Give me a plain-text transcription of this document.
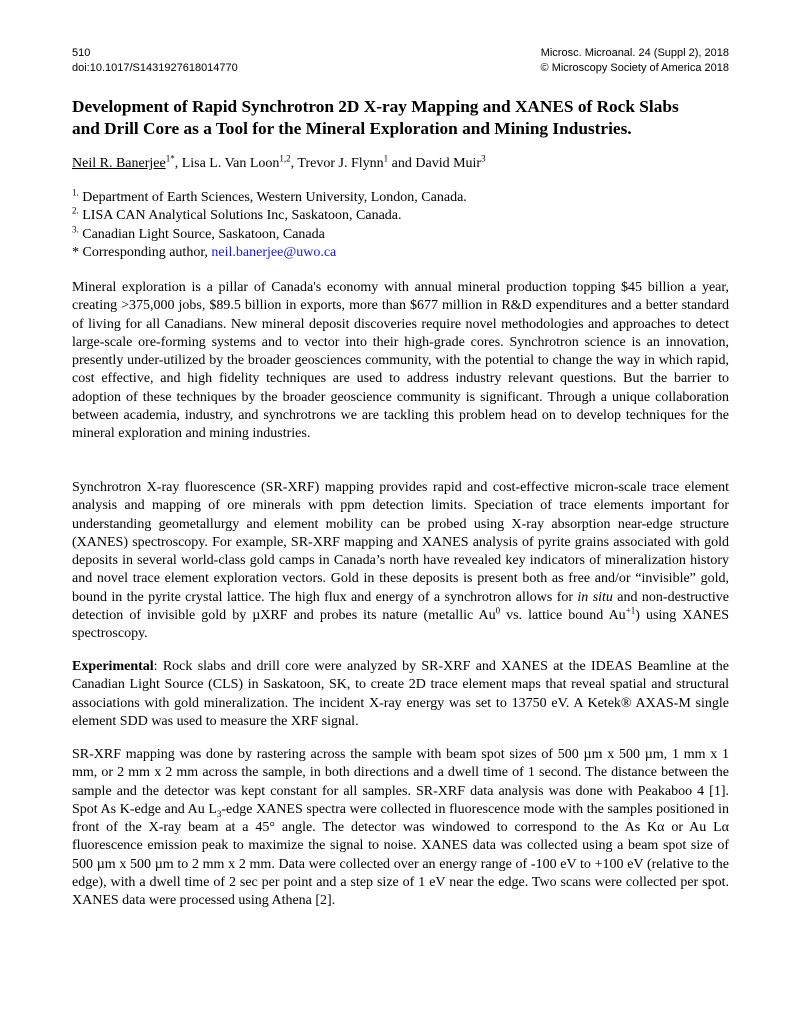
510
doi:10.1017/S1431927618014770
Microsc. Microanal. 24 (Suppl 2), 2018
© Microscopy Society of America 2018
Development of Rapid Synchrotron 2D X-ray Mapping and XANES of Rock Slabs
and Drill Core as a Tool for the Mineral Exploration and Mining Industries.
Neil R. Banerjee$^{1*}$, Lisa L. Van Loon$^{1,2}$, Trevor J. Flynn$^1$ and David Muir$^3$
$^{1.}$ Department of Earth Sciences, Western University, London, Canada.
$^{2.}$ LISA CAN Analytical Solutions Inc, Saskatoon, Canada.
$^{3.}$ Canadian Light Source, Saskatoon, Canada
* Corresponding author, neil.banerjee@uwo.ca

Mineral exploration is a pillar of Canada's economy with annual mineral production topping $45 billion a year, creating >375,000 jobs, $89.5 billion in exports, more than $677 million in R&D expenditures and a better standard of living for all Canadians. New mineral deposit discoveries require novel methodologies and approaches to detect large-scale ore-forming systems and to vector into their high-grade cores. Synchrotron science is an innovation, presently under-utilized by the broader geosciences community, with the potential to change the way in which rapid, cost effective, and high fidelity techniques are used to address industry relevant questions. But the barrier to adoption of these techniques by the broader geoscience community is significant. Through a unique collaboration between academia, industry, and synchrotrons we are tackling this problem head on to develop techniques for the mineral exploration and mining industries.

Synchrotron X-ray fluorescence (SR-XRF) mapping provides rapid and cost-effective micron-scale trace element analysis and mapping of ore minerals with ppm detection limits. Speciation of trace elements important for understanding geometallurgy and element mobility can be probed using X-ray absorption near-edge structure (XANES) spectroscopy. For example, SR-XRF mapping and XANES analysis of pyrite grains associated with gold deposits in several world-class gold camps in Canada’s north have revealed key indicators of mineralization history and novel trace element exploration vectors. Gold in these deposits is present both as free and/or “invisible” gold, bound in the pyrite crystal lattice. The high flux and energy of a synchrotron allows for in situ and non-destructive detection of invisible gold by µXRF and probes its nature (metallic Au$^0$ vs. lattice bound $Au^{+1}$) using XANES spectroscopy.

Experimental: Rock slabs and drill core were analyzed by SR-XRF and XANES at the IDEAS Beamline at the Canadian Light Source (CLS) in Saskatoon, SK, to create 2D trace element maps that reveal spatial and structural associations with gold mineralization. The incident X-ray energy was set to 13750 eV. A Ketek® AXAS-M single element SDD was used to measure the XRF signal.

SR-XRF mapping was done by rastering across the sample with beam spot sizes of 500 µm x 500 µm, 1 mm x 1 mm, or 2 mm x 2 mm across the sample, in both directions and a dwell time of 1 second. The distance between the sample and the detector was kept constant for all samples. SR-XRF data analysis was done with Peakaboo 4 [1]. Spot As K-edge and Au $L_3$-edge XANES spectra were collected in fluorescence mode with the samples positioned in front of the X-ray beam at a 45° angle. The detector was windowed to correspond to the As Kα or Au Lα fluorescence emission peak to maximize the signal to noise. XANES data was collected using a beam spot size of 500 µm x 500 µm to 2 mm x 2 mm. Data were collected over an energy range of -100 eV to +100 eV (relative to the edge), with a dwell time of 2 sec per point and a step size of 1 eV near the edge. Two scans were collected per spot. XANES data were processed using Athena [2].
